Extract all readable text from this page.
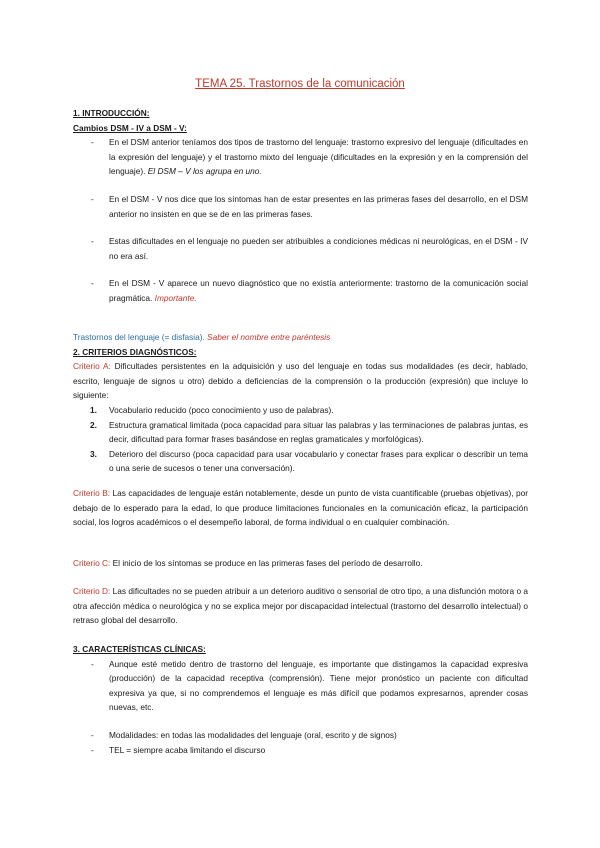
TEMA 25. Trastornos de la comunicación

1. INTRODUCCIÓN:

Cambios DSM - IV a DSM - V:

- En el DSM anterior teníamos dos tipos de trastorno del lenguaje: trastorno expresivo del lenguaje (dificultades en la expresión del lenguaje) y el trastorno mixto del lenguaje (dificultades en la expresión y en la comprensión del lenguaje). El DSM – V los agrupa en uno.
- En el DSM - V nos dice que los síntomas han de estar presentes en las primeras fases del desarrollo, en el DSM anterior no insisten en que se de en las primeras fases.
- Estas dificultades en el lenguaje no pueden ser atribuibles a condiciones médicas ni neurológicas, en el DSM - IV no era así.
- En el DSM - V aparece un nuevo diagnóstico que no existía anteriormente: trastorno de la comunicación social pragmática. Importante.

Trastornos del lenguaje (= disfasia). Saber el nombre entre paréntesis

2. CRITERIOS DIAGNÓSTICOS:

Criterio A: Dificultades persistentes en la adquisición y uso del lenguaje en todas sus modalidades (es decir, hablado, escrito, lenguaje de signos u otro) debido a deficiencias de la comprensión o la producción (expresión) que incluye lo siguiente:

1. Vocabulario reducido (poco conocimiento y uso de palabras).
2. Estructura gramatical limitada (poca capacidad para situar las palabras y las terminaciones de palabras juntas, es decir, dificultad para formar frases basándose en reglas gramaticales y morfológicas).
3. Deterioro del discurso (poca capacidad para usar vocabulario y conectar frases para explicar o describir un tema o una serie de sucesos o tener una conversación).

Criterio B: Las capacidades de lenguaje están notablemente, desde un punto de vista cuantificable (pruebas objetivas), por debajo de lo esperado para la edad, lo que produce limitaciones funcionales en la comunicación eficaz, la participación social, los logros académicos o el desempeño laboral, de forma individual o en cualquier combinación.

Criterio C: El inicio de los síntomas se produce en las primeras fases del período de desarrollo.

Criterio D: Las dificultades no se pueden atribuir a un deterioro auditivo o sensorial de otro tipo, a una disfunción motora o a otra afección médica o neurológica y no se explica mejor por discapacidad intelectual (trastorno del desarrollo intelectual) o retraso global del desarrollo.

3. CARACTERÍSTICAS CLÍNICAS:

- Aunque esté metido dentro de trastorno del lenguaje, es importante que distingamos la capacidad expresiva (producción) de la capacidad receptiva (comprensión). Tiene mejor pronóstico un paciente con dificultad expresiva ya que, si no comprendemos el lenguaje es más difícil que podamos expresarnos, aprender cosas nuevas, etc.
- Modalidades: en todas las modalidades del lenguaje (oral, escrito y de signos)
- TEL = siempre acaba limitando el discurso
